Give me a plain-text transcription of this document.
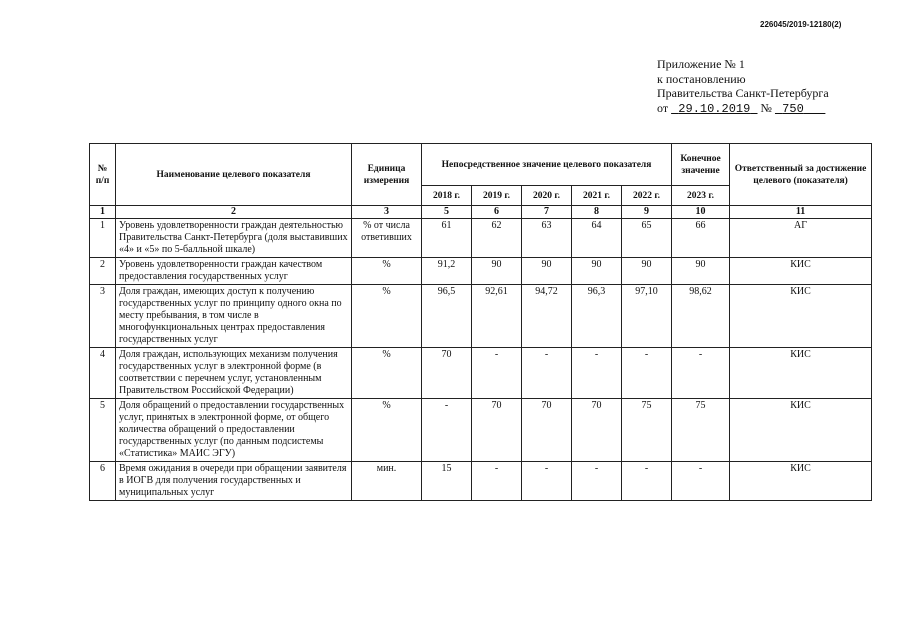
226045/2019-12180(2)
Приложение № 1
к постановлению
Правительства Санкт-Петербурга
от 29.10.2019 № 750
№ п/п	Наименование целевого показателя	Единица измерения	Непосредственное значение целевого показателя					Конечное значение	Ответственный за достижение целевого (показателя)
			2018 г.	2019 г.	2020 г.	2021 г.	2022 г.	2023 г.	
1	2	3	5	6	7	8	9	10	11
1	Уровень удовлетворенности граждан деятельностью Правительства Санкт-Петербурга (доля выставивших «4» и «5» по 5-балльной шкале)	% от числа ответивших	61	62	63	64	65	66	АГ
2	Уровень удовлетворенности граждан качеством предоставления государственных услуг	%	91,2	90	90	90	90	90	КИС
3	Доля граждан, имеющих доступ к получению государственных услуг по принципу одного окна по месту пребывания, в том числе в многофункциональных центрах предоставления государственных услуг	%	96,5	92,61	94,72	96,3	97,10	98,62	КИС
4	Доля граждан, использующих механизм получения государственных услуг в электронной форме (в соответствии с перечнем услуг, установленным Правительством Российской Федерации)	%	70	-	-	-	-	-	КИС
5	Доля обращений о предоставлении государственных услуг, принятых в электронной форме, от общего количества обращений о предоставлении государственных услуг (по данным подсистемы «Статистика» МАИС ЭГУ)	%	-	70	70	70	75	75	КИС
6	Время ожидания в очереди при обращении заявителя в ИОГВ для получения государственных и муниципальных услуг	мин.	15	-	-	-	-	-	КИС
